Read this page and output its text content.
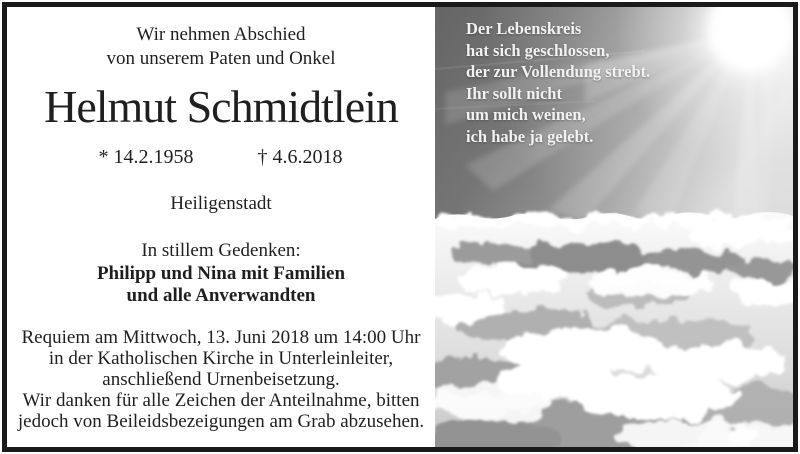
Wir nehmen Abschied
von unserem Paten und Onkel
Helmut Schmidtlein
* 14.2.1958	† 4.6.2018
Heiligenstadt
In stillem Gedenken:
Philipp und Nina mit Familien
und alle Anverwandten
Requiem am Mittwoch, 13. Juni 2018 um 14:00 Uhr
in der Katholischen Kirche in Unterleinleiter,
anschließend Urnenbeisetzung.
Wir danken für alle Zeichen der Anteilnahme, bitten
jedoch von Beileidsbezeigungen am Grab abzusehen.
Der Lebenskreis
hat sich geschlossen,
der zur Vollendung strebt.
Ihr sollt nicht
um mich weinen,
ich habe ja gelebt.
